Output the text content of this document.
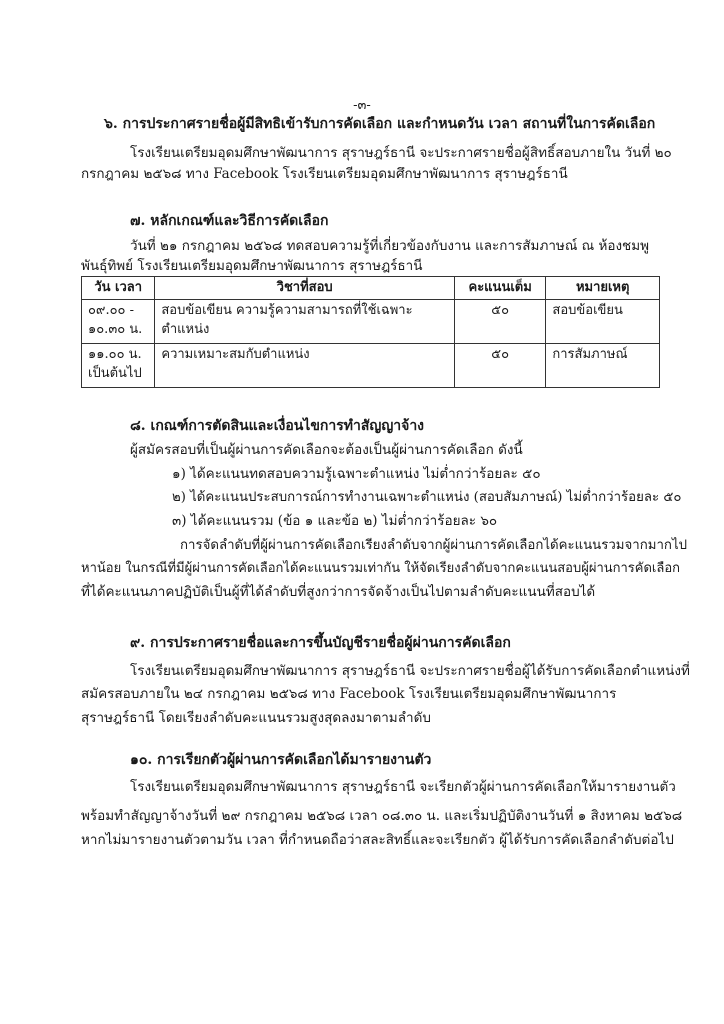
-๓-
๖. การประกาศรายชื่อผู้มีสิทธิเข้ารับการคัดเลือก และกำหนดวัน เวลา สถานที่ในการคัดเลือก
โรงเรียนเตรียมอุดมศึกษาพัฒนาการ สุราษฎร์ธานี จะประกาศรายชื่อผู้สิทธิ์สอบภายใน วันที่ ๒๐
กรกฎาคม ๒๕๖๘ ทาง Facebook โรงเรียนเตรียมอุดมศึกษาพัฒนาการ สุราษฎร์ธานี
๗. หลักเกณฑ์และวิธีการคัดเลือก
วันที่ ๒๑ กรกฎาคม ๒๕๖๘ ทดสอบความรู้ที่เกี่ยวข้องกับงาน และการสัมภาษณ์ ณ ห้องชมพู
พันธุ์ทิพย์ โรงเรียนเตรียมอุดมศึกษาพัฒนาการ สุราษฎร์ธานี
วัน เวลา	วิชาที่สอบ	คะแนนเต็ม	หมายเหตุ

๐๙.๐๐ -
๑๐.๓๐ น.	สอบข้อเขียน ความรู้ความสามารถที่ใช้เฉพาะตำแหน่ง	๕๐	สอบข้อเขียน

๑๑.๐๐ น.
เป็นต้นไป	ความเหมาะสมกับตำแหน่ง	๕๐	การสัมภาษณ์
๘. เกณฑ์การตัดสินและเงื่อนไขการทำสัญญาจ้าง
ผู้สมัครสอบที่เป็นผู้ผ่านการคัดเลือกจะต้องเป็นผู้ผ่านการคัดเลือก ดังนี้
๑) ได้คะแนนทดสอบความรู้เฉพาะตำแหน่ง ไม่ต่ำกว่าร้อยละ ๕๐
๒) ได้คะแนนประสบการณ์การทำงานเฉพาะตำแหน่ง (สอบสัมภาษณ์) ไม่ต่ำกว่าร้อยละ ๕๐
๓) ได้คะแนนรวม (ข้อ ๑ และข้อ ๒) ไม่ต่ำกว่าร้อยละ ๖๐
การจัดลำดับที่ผู้ผ่านการคัดเลือกเรียงลำดับจากผู้ผ่านการคัดเลือกได้คะแนนรวมจากมากไป
หาน้อย ในกรณีที่มีผู้ผ่านการคัดเลือกได้คะแนนรวมเท่ากัน ให้จัดเรียงลำดับจากคะแนนสอบผู้ผ่านการคัดเลือก
ที่ได้คะแนนภาคปฏิบัติเป็นผู้ที่ได้ลำดับที่สูงกว่าการจัดจ้างเป็นไปตามลำดับคะแนนที่สอบได้
๙. การประกาศรายชื่อและการขึ้นบัญชีรายชื่อผู้ผ่านการคัดเลือก
โรงเรียนเตรียมอุดมศึกษาพัฒนาการ สุราษฎร์ธานี จะประกาศรายชื่อผู้ได้รับการคัดเลือกตำแหน่งที่
สมัครสอบภายใน ๒๔ กรกฎาคม ๒๕๖๘ ทาง Facebook โรงเรียนเตรียมอุดมศึกษาพัฒนาการ
สุราษฎร์ธานี โดยเรียงลำดับคะแนนรวมสูงสุดลงมาตามลำดับ
๑๐. การเรียกตัวผู้ผ่านการคัดเลือกได้มารายงานตัว
โรงเรียนเตรียมอุดมศึกษาพัฒนาการ สุราษฎร์ธานี จะเรียกตัวผู้ผ่านการคัดเลือกให้มารายงานตัว
พร้อมทำสัญญาจ้างวันที่ ๒๙ กรกฎาคม ๒๕๖๘ เวลา ๐๘.๓๐ น. และเริ่มปฏิบัติงานวันที่ ๑ สิงหาคม ๒๕๖๘
หากไม่มารายงานตัวตามวัน เวลา ที่กำหนดถือว่าสละสิทธิ์และจะเรียกตัว ผู้ได้รับการคัดเลือกลำดับต่อไป
